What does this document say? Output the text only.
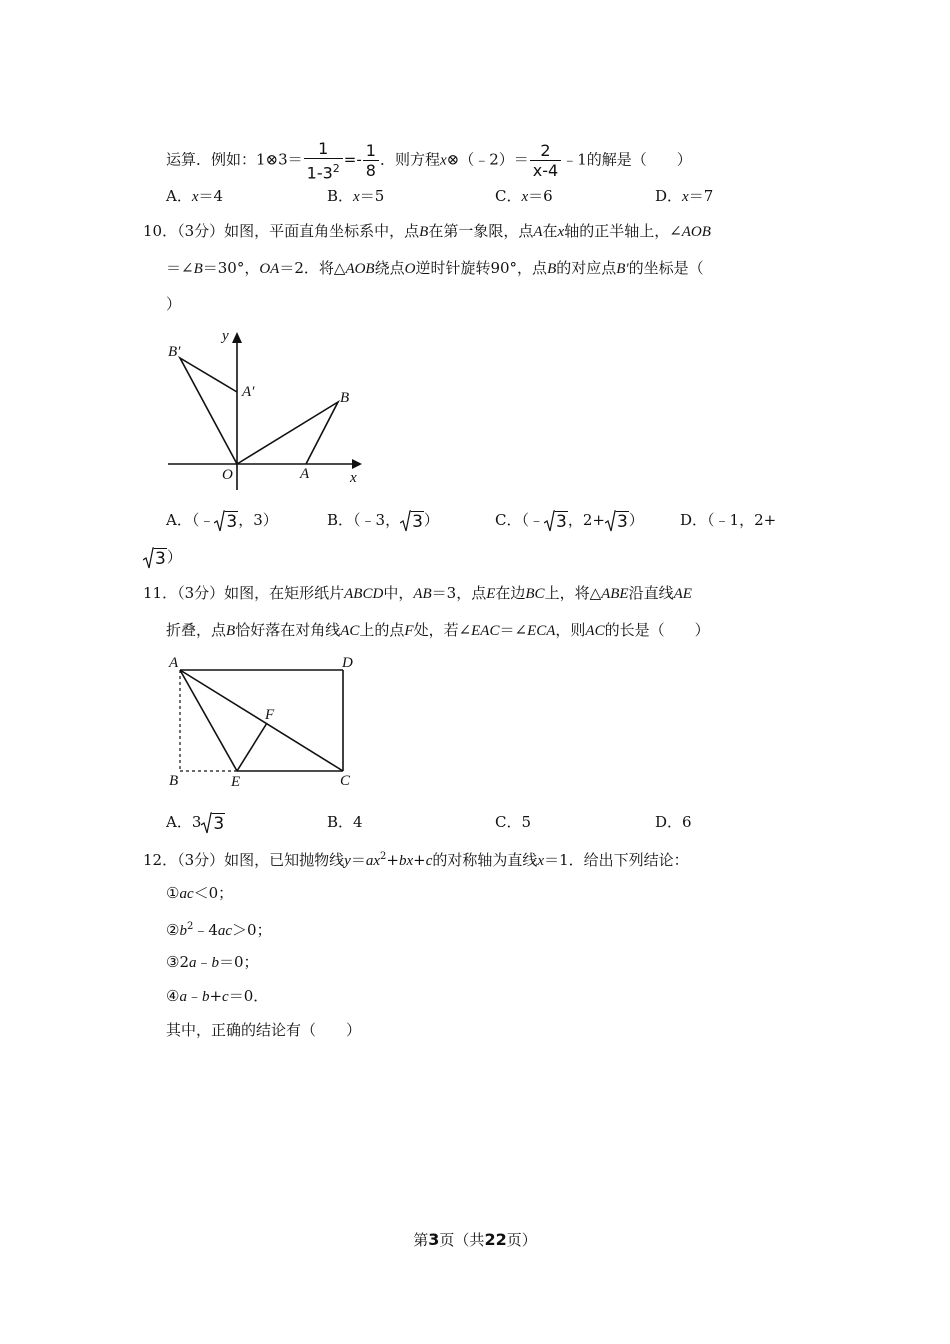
运算．例如：1⊗3＝ $\frac{1}{1-3^2} =- \frac{1}{8}$ ．则方程x⊗（﹣2）＝ $\frac{2}{x-4}$ ﹣1的解是（　　）
A．x＝4	B．x＝5	C．x＝6	D．x＝7
10．（3分）如图，平面直角坐标系中，点B在第一象限，点A在x轴的正半轴上，∠AOB
＝∠B＝30°，OA＝2．将△AOB绕点O逆时针旋转90°，点B的对应点B'的坐标是（
）
y
B′
A′	B
O	A	x
A．（﹣ 3 ，3）	B．（﹣3， 3 ）	C．（﹣ 3 ，2+ 3 ） D．（﹣1，2+
3 ）
11．（3分）如图，在矩形纸片ABCD中，AB＝3，点E在边BC上，将△ABE沿直线AE
折叠，点B恰好落在对角线AC上的点F处，若∠EAC＝∠ECA，则AC的长是（　　）
A	D
F
B	E	C
A．3 3	B．4	C．5	D．6
12．（3分）如图，已知抛物线$y=ax^2+bx+c$的对称轴为直线x＝1．给出下列结论：
①ac＜0；
$②b^2﹣4ac>0$；
③2a﹣b＝0；
④a﹣b+c＝0．
其中，正确的结论有（　　）
第3页（共22页）
